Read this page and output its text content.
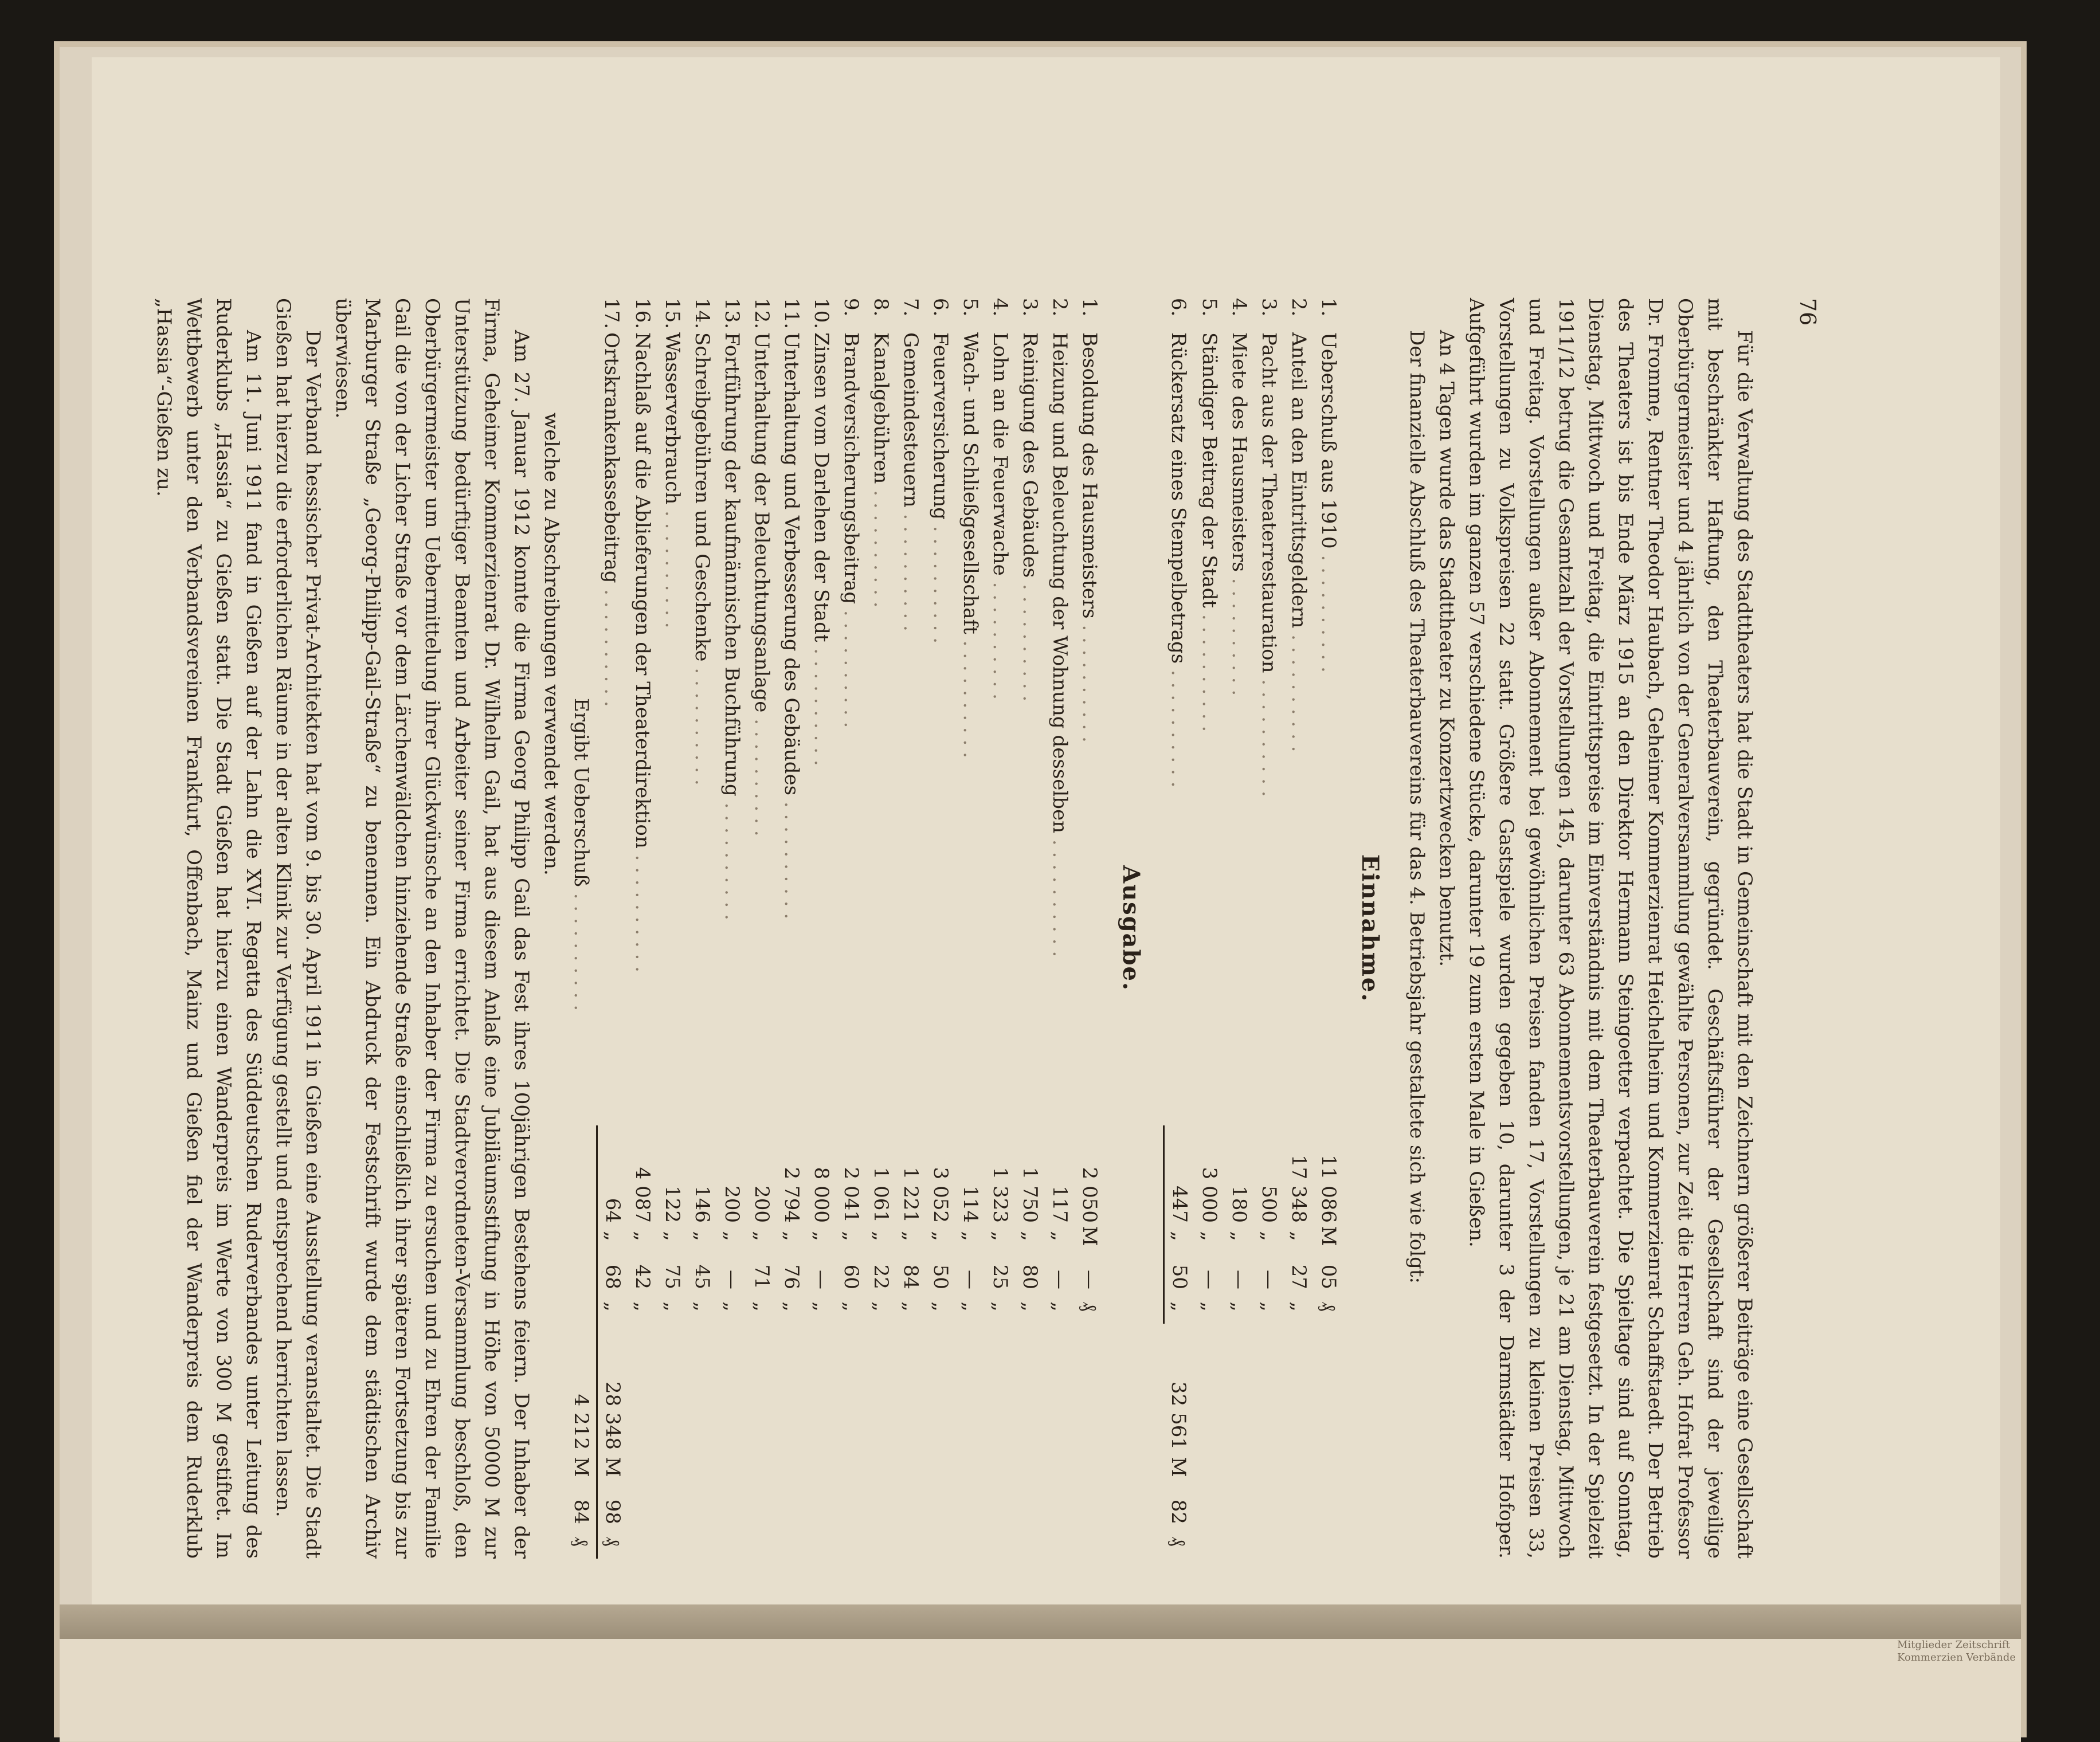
Mitglieder Zeitschrift Kommerzien Verbände
76

Für die Verwaltung des Stadttheaters hat die Stadt in Gemeinschaft mit den Zeichnern größerer Beiträge eine Gesellschaft mit beschränkter Haftung, den Theaterbauverein, gegründet. Geschäftsführer der Gesellschaft sind der jeweilige Oberbürgermeister und 4 jährlich von der Generalversammlung gewählte Personen, zur Zeit die Herren Geh. Hofrat Professor Dr. Fromme, Rentner Theodor Haubach, Geheimer Kommerzienrat Heichelheim und Kommerzienrat Schaffstaedt. Der Betrieb des Theaters ist bis Ende März 1915 an den Direktor Hermann Steingoetter verpachtet. Die Spieltage sind auf Sonntag, Dienstag, Mittwoch und Freitag, die Eintrittspreise im Einverständnis mit dem Theaterbauverein festgesetzt. In der Spielzeit 1911/12 betrug die Gesamtzahl der Vorstellungen 145, darunter 63 Abonnementsvorstellungen, je 21 am Dienstag, Mittwoch und Freitag. Vorstellungen außer Abonnement bei gewöhnlichen Preisen fanden 17, Vorstellungen zu kleinen Preisen 33, Vorstellungen zu Volkspreisen 22 statt. Größere Gastspiele wurden gegeben 10, darunter 3 der Darmstädter Hofoper. Aufgeführt wurden im ganzen 57 verschiedene Stücke, darunter 19 zum ersten Male in Gießen.

An 4 Tagen wurde das Stadttheater zu Konzertzwecken benutzt.

Der finanzielle Abschluß des Theaterbauvereins für das 4. Betriebsjahr gestaltete sich wie folgt:

Einnahme.
1.	Ueberschuß aus 1910 . . . . . . . . . .	11 086	M	05	₰				
2.	Anteil an den Eintrittsgeldern . . . . . . . . . .	17 348	„	27	„				
3.	Pacht aus der Theaterrestauration . . . . . . . . . .	500	„	—	„				
4.	Miete des Hausmeisters . . . . . . . . . .	180	„	—	„				
5.	Ständiger Beitrag der Stadt . . . . . . . . . .	3 000	„	—	„				
6.	Rückersatz eines Stempelbetrags . . . . . . . . . .	447	„	50	„	32 561	M	82	₰
Ausgabe.
1.	Besoldung des Hausmeisters . . . . . . . . . .	2 050	M	—	₰				
2.	Heizung und Beleuchtung der Wohnung desselben . . . . . . . . . .	117	„	—	„				
3.	Reinigung des Gebäudes . . . . . . . . . .	1 750	„	80	„				
4.	Lohn an die Feuerwache . . . . . . . . . .	1 323	„	25	„				
5.	Wach- und Schließgesellschaft . . . . . . . . . .	114	„	—	„				
6.	Feuerversicherung . . . . . . . . . .	3 052	„	50	„				
7.	Gemeindesteuern . . . . . . . . . .	1 221	„	84	„				
8.	Kanalgebühren . . . . . . . . . .	1 061	„	22	„				
9.	Brandversicherungsbeitrag . . . . . . . . . .	2 041	„	60	„				
10.	Zinsen vom Darlehen der Stadt . . . . . . . . . .	8 000	„	—	„				
11.	Unterhaltung und Verbesserung des Gebäudes . . . . . . . . . .	2 794	„	76	„				
12.	Unterhaltung der Beleuchtungsanlage . . . . . . . . . .	200	„	71	„				
13.	Fortführung der kaufmännischen Buchführung . . . . . . . . . .	200	„	—	„				
14.	Schreibgebühren und Geschenke . . . . . . . . . .	146	„	45	„				
15.	Wasserverbrauch . . . . . . . . . .	122	„	75	„				
16.	Nachlaß auf die Ablieferungen der Theaterdirektion . . . . . . . . . .	4 087	„	42	„				
17.	Ortskrankenkassebeitrag . . . . . . . . . .	64	„	68	„	28 348	M	98	₰
	Ergibt Ueberschuß . . . . . . . . . .					4 212	M	84	₰

welche zu Abschreibungen verwendet werden.

Am 27. Januar 1912 konnte die Firma Georg Philipp Gail das Fest ihres 100jährigen Bestehens feiern. Der Inhaber der Firma, Geheimer Kommerzienrat Dr. Wilhelm Gail, hat aus diesem Anlaß eine Jubiläumsstiftung in Höhe von 50000 M zur Unterstützung bedürftiger Beamten und Arbeiter seiner Firma errichtet. Die Stadtverordneten-Versammlung beschloß, den Oberbürgermeister um Uebermittelung ihrer Glückwünsche an den Inhaber der Firma zu ersuchen und zu Ehren der Familie Gail die von der Licher Straße vor dem Lärchenwäldchen hinziehende Straße einschließlich ihrer späteren Fortsetzung bis zur Marburger Straße „Georg-Philipp-Gail-Straße“ zu benennen. Ein Abdruck der Festschrift wurde dem städtischen Archiv überwiesen.

Der Verband hessischer Privat-Architekten hat vom 9. bis 30. April 1911 in Gießen eine Ausstellung veranstaltet. Die Stadt Gießen hat hierzu die erforderlichen Räume in der alten Klinik zur Verfügung gestellt und entsprechend herrichten lassen.

Am 11. Juni 1911 fand in Gießen auf der Lahn die XVI. Regatta des Süddeutschen Ruderverbandes unter Leitung des Ruderklubs „Hassia“ zu Gießen statt. Die Stadt Gießen hat hierzu einen Wanderpreis im Werte von 300 M gestiftet. Im Wettbewerb unter den Verbandsvereinen Frankfurt, Offenbach, Mainz und Gießen fiel der Wanderpreis dem Ruderklub „Hassia“-Gießen zu.
